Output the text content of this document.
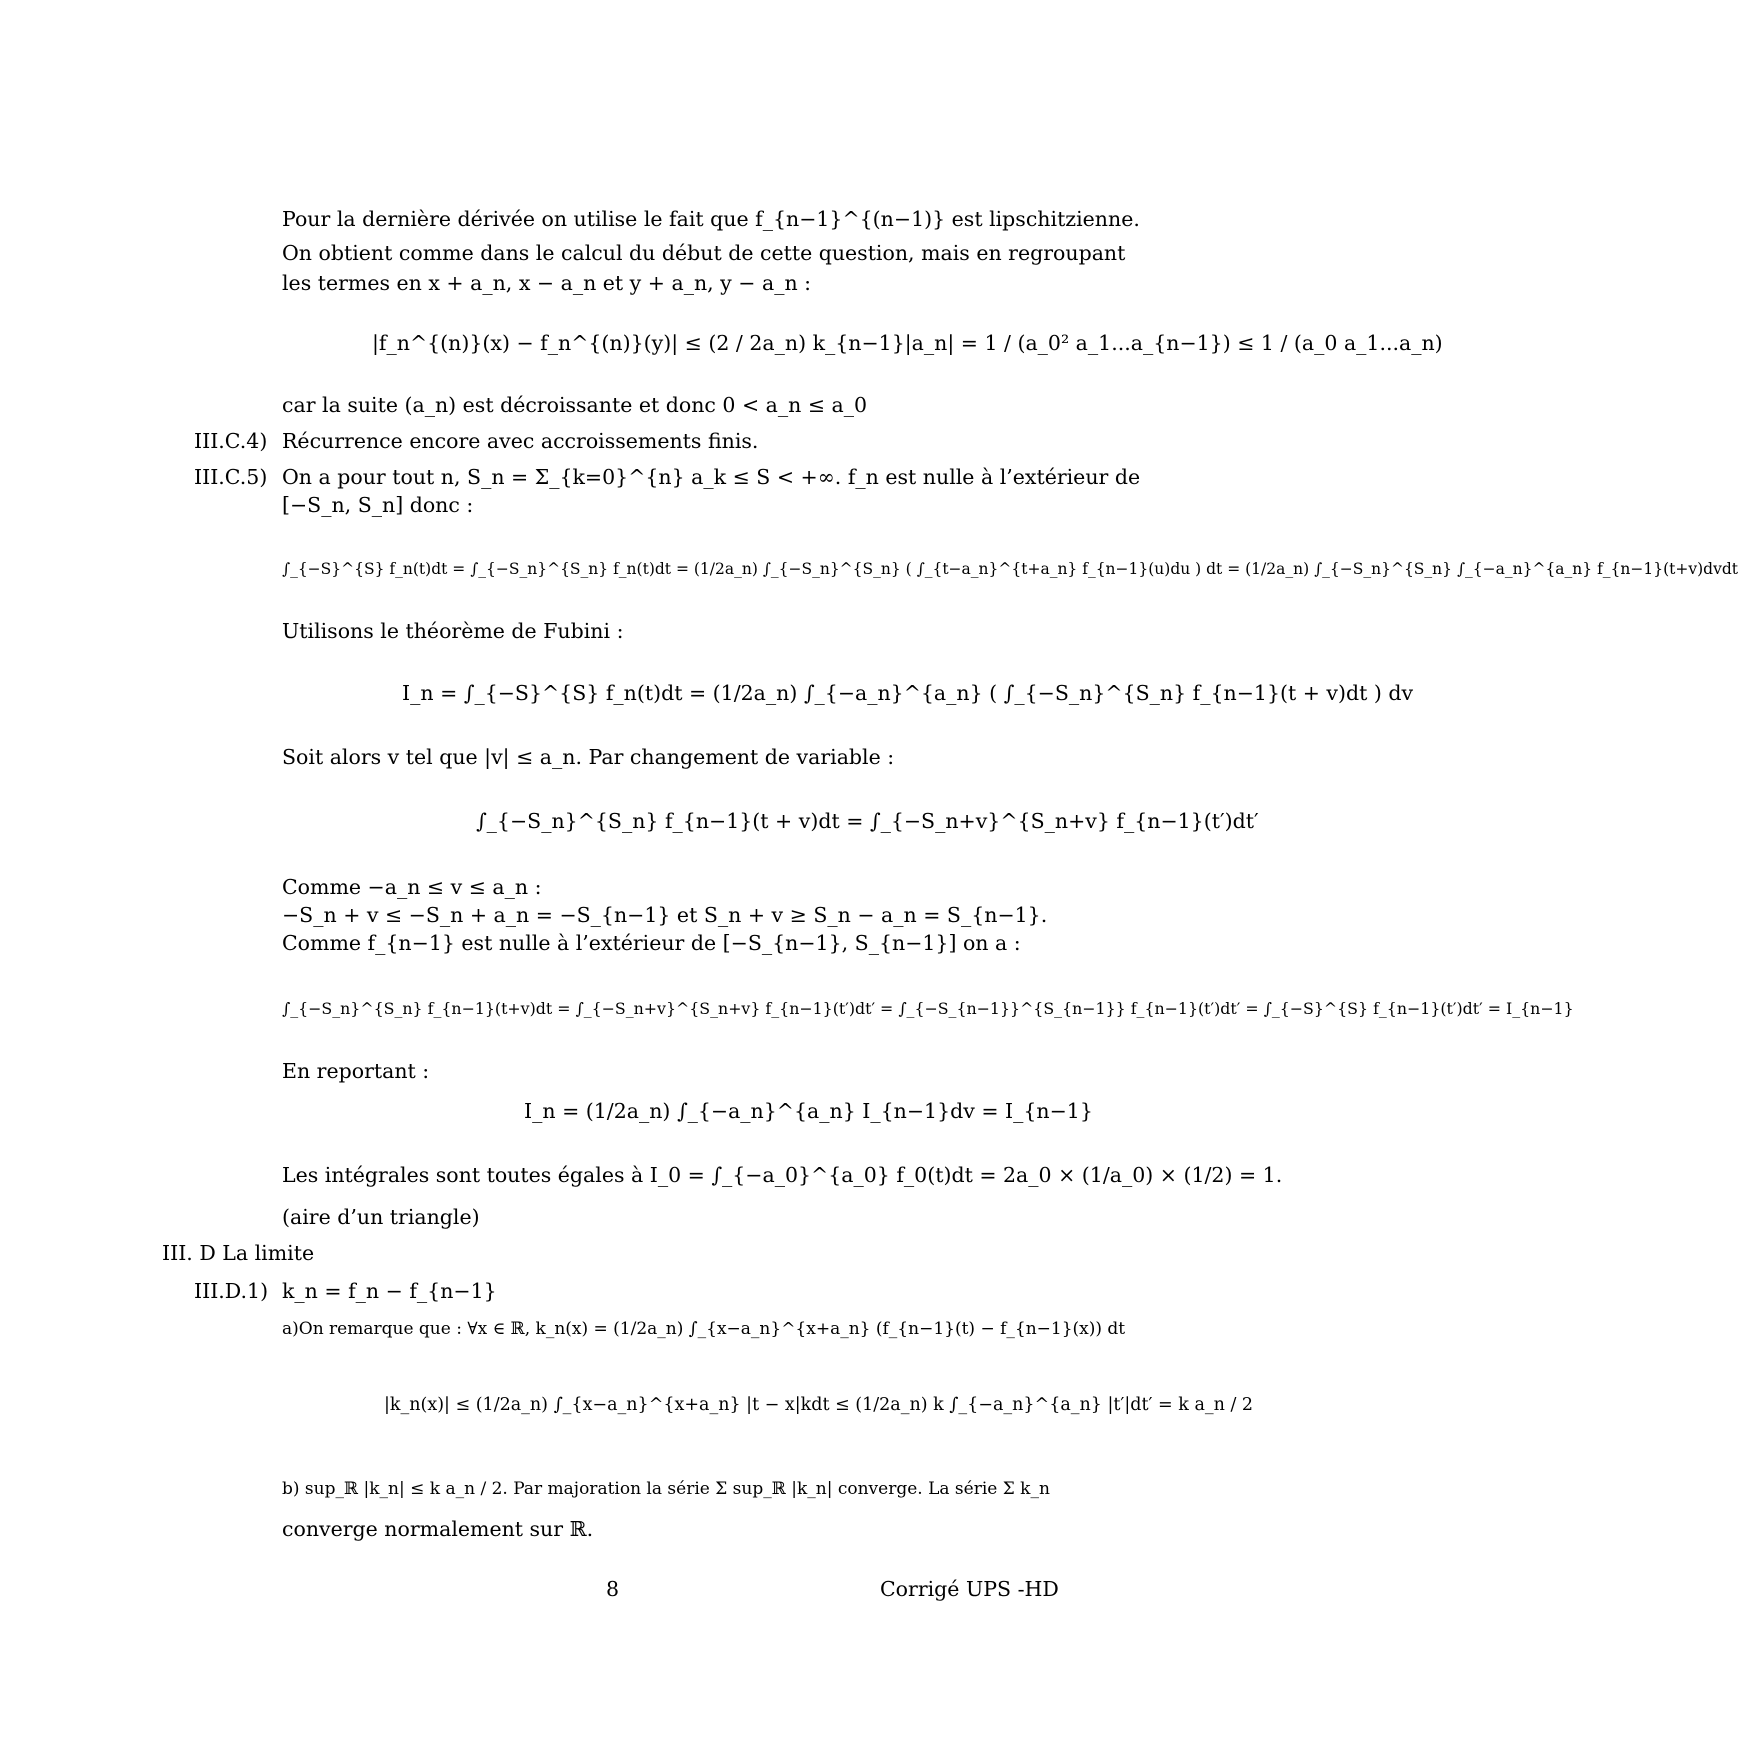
Pour la dernière dérivée on utilise le fait que f_{n−1}^{(n−1)} est lipschitzienne.
On obtient comme dans le calcul du début de cette question, mais en regroupant
les termes en x + a_n, x − a_n et y + a_n, y − a_n :
|f_n^{(n)}(x) − f_n^{(n)}(y)| ≤ (2 / 2a_n) k_{n−1}|a_n| = 1 / (a_0² a_1...a_{n−1}) ≤ 1 / (a_0 a_1...a_n)
car la suite (a_n) est décroissante et donc 0 < a_n ≤ a_0
III.C.4) Récurrence encore avec accroissements finis.
III.C.5) On a pour tout n, S_n = Σ_{k=0}^{n} a_k ≤ S < +∞. f_n est nulle à l’extérieur de
[−S_n, S_n] donc :
∫_{−S}^{S} f_n(t)dt = ∫_{−S_n}^{S_n} f_n(t)dt = (1/2a_n) ∫_{−S_n}^{S_n} ( ∫_{t−a_n}^{t+a_n} f_{n−1}(u)du ) dt = (1/2a_n) ∫_{−S_n}^{S_n} ∫_{−a_n}^{a_n} f_{n−1}(t+v)dvdt
Utilisons le théorème de Fubini :
I_n = ∫_{−S}^{S} f_n(t)dt = (1/2a_n) ∫_{−a_n}^{a_n} ( ∫_{−S_n}^{S_n} f_{n−1}(t + v)dt ) dv
Soit alors v tel que |v| ≤ a_n. Par changement de variable :
∫_{−S_n}^{S_n} f_{n−1}(t + v)dt = ∫_{−S_n+v}^{S_n+v} f_{n−1}(t′)dt′
Comme −a_n ≤ v ≤ a_n :
−S_n + v ≤ −S_n + a_n = −S_{n−1} et S_n + v ≥ S_n − a_n = S_{n−1}.
Comme f_{n−1} est nulle à l’extérieur de [−S_{n−1}, S_{n−1}] on a :
∫_{−S_n}^{S_n} f_{n−1}(t+v)dt = ∫_{−S_n+v}^{S_n+v} f_{n−1}(t′)dt′ = ∫_{−S_{n−1}}^{S_{n−1}} f_{n−1}(t′)dt′ = ∫_{−S}^{S} f_{n−1}(t′)dt′ = I_{n−1}
En reportant :
I_n = (1/2a_n) ∫_{−a_n}^{a_n} I_{n−1}dv = I_{n−1}
Les intégrales sont toutes égales à I_0 = ∫_{−a_0}^{a_0} f_0(t)dt = 2a_0 × (1/a_0) × (1/2) = 1.
(aire d’un triangle)
III. D La limite
III.D.1) k_n = f_n − f_{n−1}
a)On remarque que : ∀x ∈ ℝ, k_n(x) = (1/2a_n) ∫_{x−a_n}^{x+a_n} (f_{n−1}(t) − f_{n−1}(x)) dt
|k_n(x)| ≤ (1/2a_n) ∫_{x−a_n}^{x+a_n} |t − x|kdt ≤ (1/2a_n) k ∫_{−a_n}^{a_n} |t′|dt′ = k a_n / 2
b) sup_ℝ |k_n| ≤ k a_n / 2. Par majoration la série Σ sup_ℝ |k_n| converge. La série Σ k_n
converge normalement sur ℝ.
8	Corrigé UPS -HD
